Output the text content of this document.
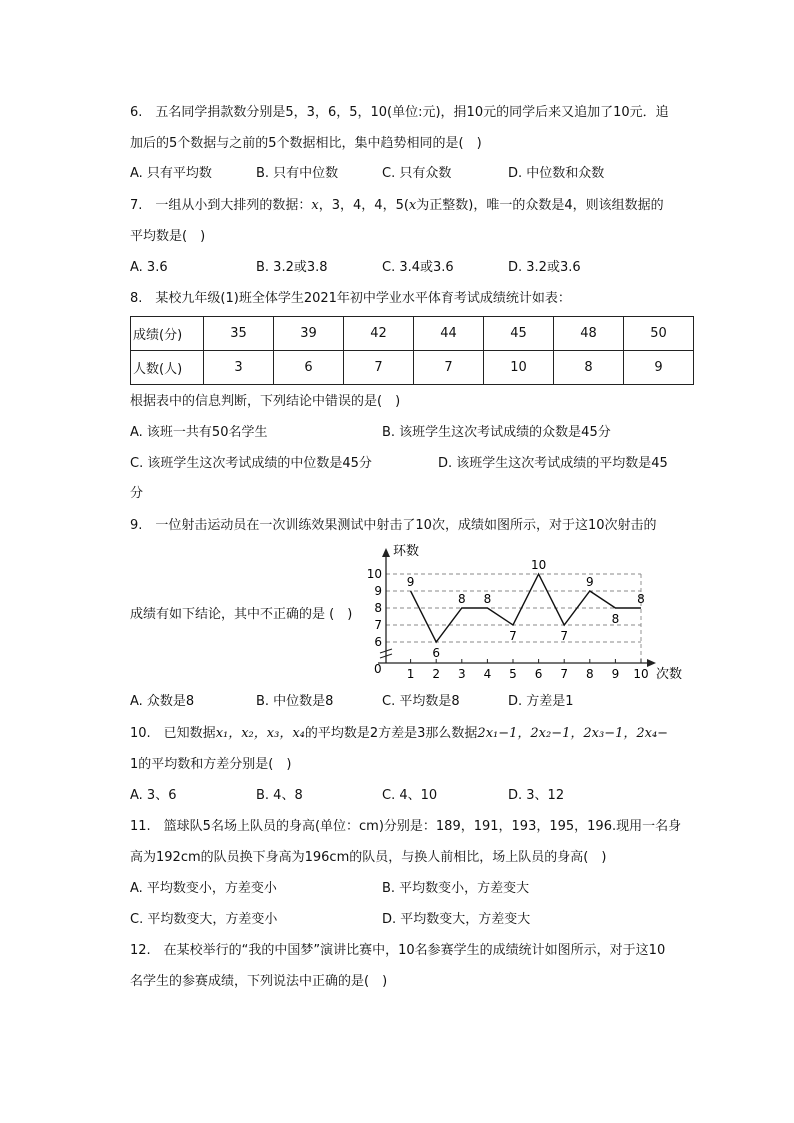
6.　五名同学捐款数分别是5，3，6，5，10(单位:元)，捐10元的同学后来又追加了10元．追
加后的5个数据与之前的5个数据相比，集中趋势相同的是(　)
A. 只有平均数	B. 只有中位数	C. 只有众数	D. 中位数和众数
7.　一组从小到大排列的数据：x，3，4，4，5(x为正整数)，唯一的众数是4，则该组数据的
平均数是(　)
A. 3.6	B. 3.2或3.8	C. 3.4或3.6	D. 3.2或3.6
8.　某校九年级(1)班全体学生2021年初中学业水平体育考试成绩统计如表：
成绩(分)	35	39	42	44	45	48	50
人数(人)	3	6	7	7	10	8	9
根据表中的信息判断，下列结论中错误的是(　)
A. 该班一共有50名学生	B. 该班学生这次考试成绩的众数是45分
C. 该班学生这次考试成绩的中位数是45分	D. 该班学生这次考试成绩的平均数是45
分
9.　一位射击运动员在一次训练效果测试中射击了10次，成绩如图所示，对于这10次射击的
成绩有如下结论，其中不正确的是 (　)
环数
次数
0 1 2 3 4 5 6 7 8 9 10
6
7
8
9
10
9
6
8 8
7
10
7
9
8
8
A. 众数是8	B. 中位数是8	C. 平均数是8	D. 方差是1
10.　已知数据x₁，x₂，x₃，x₄的平均数是2方差是3那么数据2x₁−1，2x₂−1，2x₃−1，2x₄−
1的平均数和方差分别是(　)
A. 3、6	B. 4、8	C. 4、10	D. 3、12
11.　篮球队5名场上队员的身高(单位：cm)分别是：189，191，193，195，196.现用一名身
高为192cm的队员换下身高为196cm的队员，与换人前相比，场上队员的身高(　)
A. 平均数变小，方差变小	B. 平均数变小，方差变大
C. 平均数变大，方差变小	D. 平均数变大，方差变大
12.　在某校举行的“我的中国梦”演讲比赛中，10名参赛学生的成绩统计如图所示，对于这10
名学生的参赛成绩，下列说法中正确的是(　)
